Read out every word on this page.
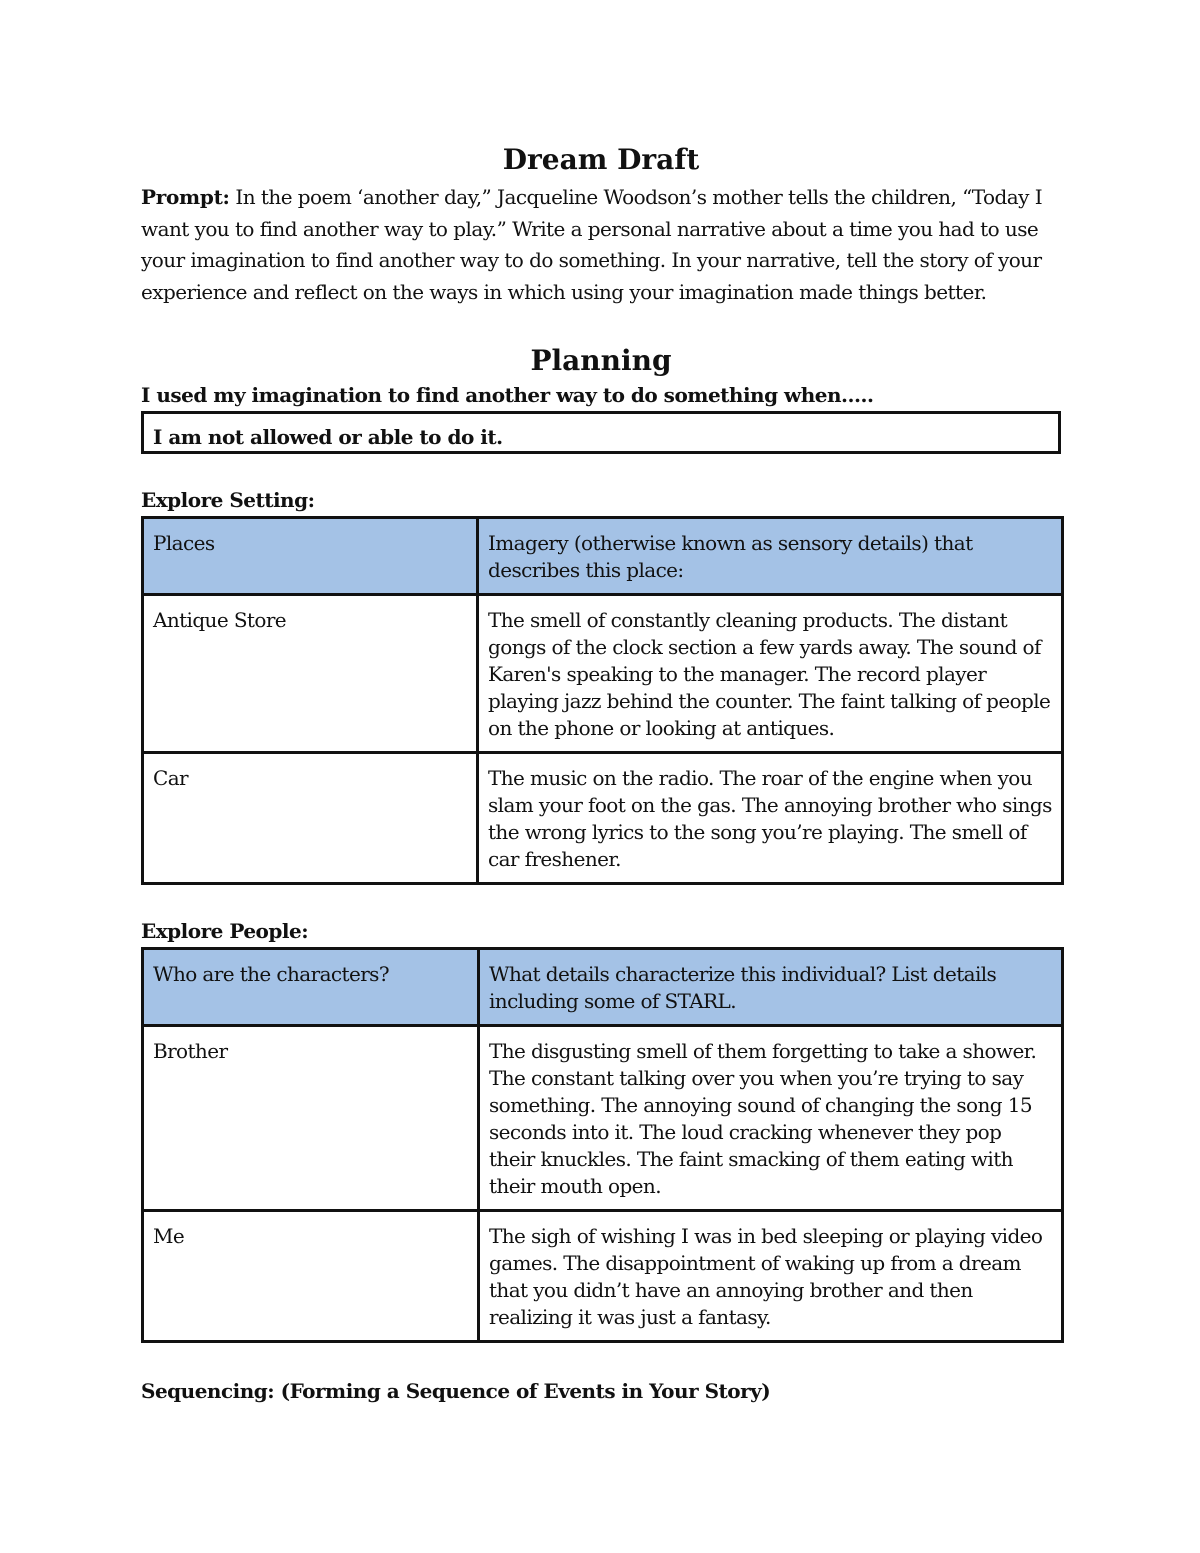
Dream Draft

Prompt: In the poem ‘another day,” Jacqueline Woodson’s mother tells the children, “Today I want you to find another way to play.” Write a personal narrative about a time you had to use your imagination to find another way to do something. In your narrative, tell the story of your experience and reflect on the ways in which using your imagination made things better.

Planning

I used my imagination to find another way to do something when…..

I am not allowed or able to do it.

Explore Setting:

Places	Imagery (otherwise known as sensory details) that describes this place:
Antique Store	The smell of constantly cleaning products. The distant gongs of the clock section a few yards away. The sound of Karen's speaking to the manager. The record player playing jazz behind the counter. The faint talking of people on the phone or looking at antiques.
Car	The music on the radio. The roar of the engine when you slam your foot on the gas. The annoying brother who sings the wrong lyrics to the song you’re playing. The smell of car freshener.

Explore People:

Who are the characters?	What details characterize this individual? List details including some of STARL.
Brother	The disgusting smell of them forgetting to take a shower. The constant talking over you when you’re trying to say something. The annoying sound of changing the song 15 seconds into it. The loud cracking whenever they pop their knuckles. The faint smacking of them eating with their mouth open.
Me	The sigh of wishing I was in bed sleeping or playing video games. The disappointment of waking up from a dream that you didn’t have an annoying brother and then realizing it was just a fantasy.

Sequencing: (Forming a Sequence of Events in Your Story)
